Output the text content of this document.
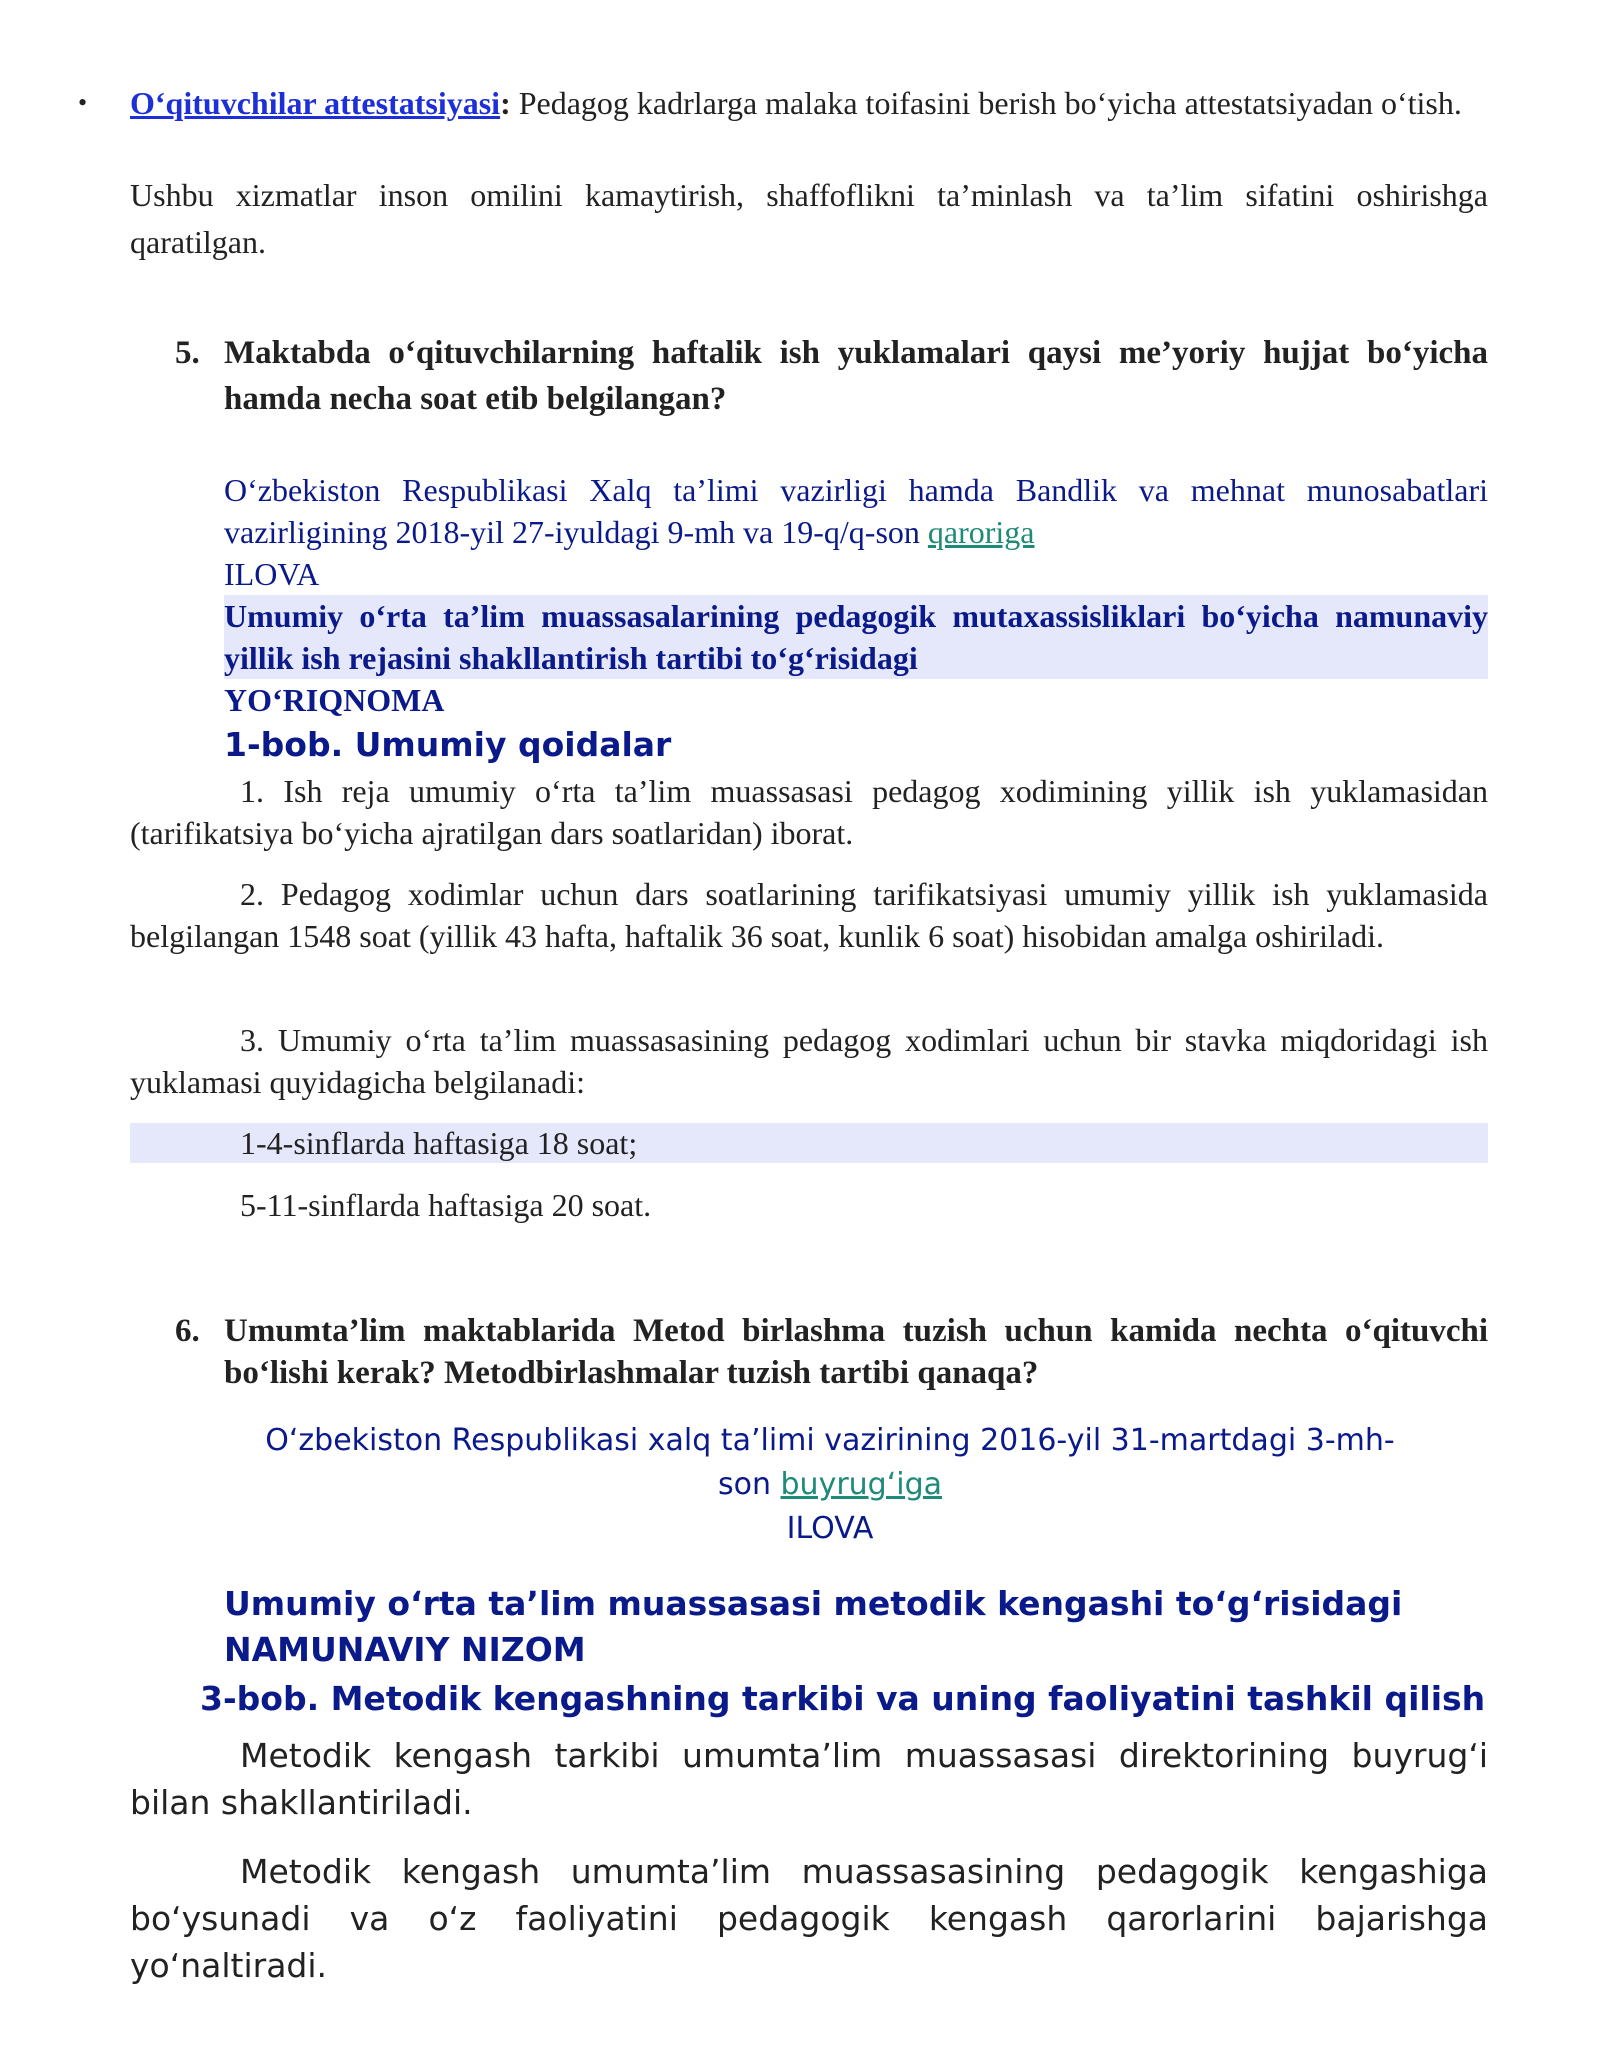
• O‘qituvchilar attestatsiyasi: Pedagog kadrlarga malaka toifasini berish bo‘yicha attestatsiyadan o‘tish.
Ushbu xizmatlar inson omilini kamaytirish, shaffoflikni ta’minlash va ta’lim sifatini oshirishga qaratilgan.
5. Maktabda o‘qituvchilarning haftalik ish yuklamalari qaysi me’yoriy hujjat bo‘yicha hamda necha soat etib belgilangan?
O‘zbekiston Respublikasi Xalq ta’limi vazirligi hamda Bandlik va mehnat munosabatlari vazirligining 2018-yil 27-iyuldagi 9-mh va 19-q/q-son qaroriga
ILOVA
Umumiy o‘rta ta’lim muassasalarining pedagogik mutaxassisliklari bo‘yicha namunaviy yillik ish rejasini shakllantirish tartibi to‘g‘risidagi
YO‘RIQNOMA
1-bob. Umumiy qoidalar
1. Ish reja umumiy o‘rta ta’lim muassasasi pedagog xodimining yillik ish yuklamasidan (tarifikatsiya bo‘yicha ajratilgan dars soatlaridan) iborat.
2. Pedagog xodimlar uchun dars soatlarining tarifikatsiyasi umumiy yillik ish yuklamasida belgilangan 1548 soat (yillik 43 hafta, haftalik 36 soat, kunlik 6 soat) hisobidan amalga oshiriladi.
3. Umumiy o‘rta ta’lim muassasasining pedagog xodimlari uchun bir stavka miqdoridagi ish yuklamasi quyidagicha belgilanadi:
1-4-sinflarda haftasiga 18 soat;
5-11-sinflarda haftasiga 20 soat.
6. Umumta’lim maktablarida Metod birlashma tuzish uchun kamida nechta o‘qituvchi bo‘lishi kerak? Metodbirlashmalar tuzish tartibi qanaqa?
O‘zbekiston Respublikasi xalq ta’limi vazirining 2016-yil 31-martdagi 3-mh-
son buyrug‘iga
ILOVA
Umumiy o‘rta ta’lim muassasasi metodik kengashi to‘g‘risidagi
NAMUNAVIY NIZOM
3-bob. Metodik kengashning tarkibi va uning faoliyatini tashkil qilish
Metodik kengash tarkibi umumta’lim muassasasi direktorining buyrug‘i bilan shakllantiriladi.
Metodik kengash umumta’lim muassasasining pedagogik kengashiga bo‘ysunadi va o‘z faoliyatini pedagogik kengash qarorlarini bajarishga yo‘naltiradi.
